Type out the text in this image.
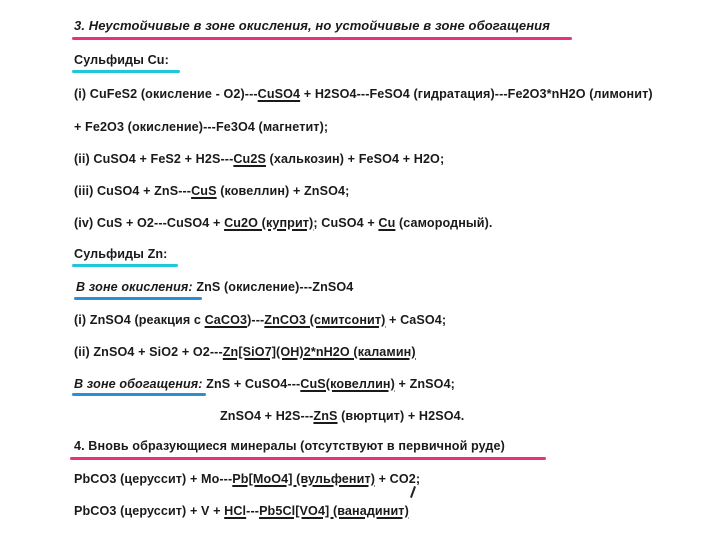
3. Неустойчивые в зоне окисления, но устойчивые в зоне обогащения
Сульфиды Cu:
(i) CuFeS2 (окисление - O2)---CuSO4 + H2SO4---FeSO4 (гидратация)---Fe2O3*nH2O (лимонит)
+ Fe2O3 (окисление)---Fe3O4 (магнетит);
(ii) CuSO4 + FeS2 + H2S---Cu2S (халькозин) + FeSO4 + H2O;
(iii) CuSO4 + ZnS---CuS (ковеллин) + ZnSO4;
(iv) CuS + O2---CuSO4 + Cu2O (куприт); CuSO4 + Cu (самородный).
Сульфиды Zn:
В зоне окисления: ZnS (окисление)---ZnSO4
(i) ZnSO4 (реакция с CaCO3)---ZnCO3 (смитсонит) + CaSO4;
(ii) ZnSO4 + SiO2 + O2---Zn[SiO7](OH)2*nH2O (каламин)
В зоне обогащения: ZnS + CuSO4---CuS(ковеллин) + ZnSO4;
ZnSO4 + H2S---ZnS (вюртцит) + H2SO4.
4. Вновь образующиеся минералы (отсутствуют в первичной руде)
PbCO3 (церуссит) + Mo---Pb[MoO4] (вульфенит) + CO2;
PbCO3 (церуссит) + V + HCl---Pb5Cl[VO4] (ванадинит)
